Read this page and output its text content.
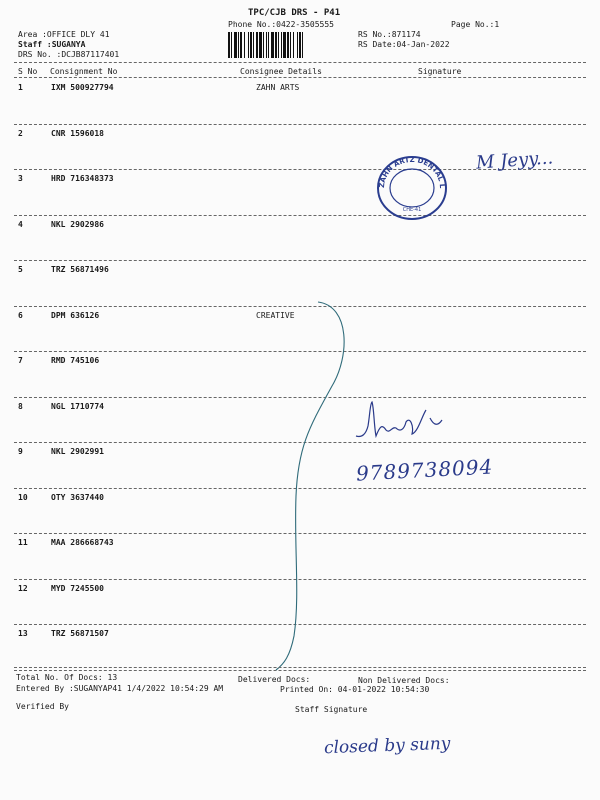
TPC/CJB DRS - P41
Phone No.:0422-3505555	Page No.:1
Area :OFFICE DLY 41
Staff :SUGANYA
DRS No. :DCJB87117401
RS No.:871174
RS Date:04-Jan-2022
S No Consignment No	Consignee Details	Signature
1	IXM 500927794	ZAHN ARTS
2	CNR 1596018
3	HRD 716348373
4	NKL 2902986
5	TRZ 56871496
6	DPM 636126	CREATIVE
7	RMD 745106
8	NGL 1710774
9	NKL 2902991
10	OTY 3637440
11	MAA 286668743
12	MYD 7245500
13	TRZ 56871507
ZAHN ARTZ DENTAL L
CHE-41
M Jeyy...
9789738094
Total No. Of Docs: 13	Delivered Docs:	Non Delivered Docs:
Entered By :SUGANYAP41 1/4/2022 10:54:29 AM	Printed On: 04-01-2022 10:54:30
Verified By	Staff Signature
closed by suny
